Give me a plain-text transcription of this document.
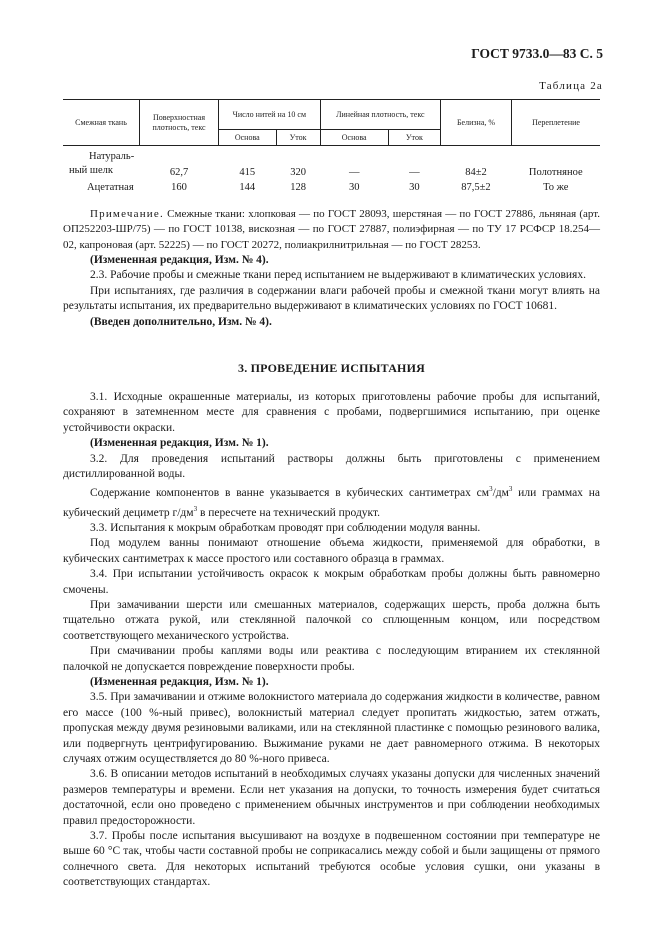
ГОСТ 9733.0—83 С. 5
Таблица 2а
Смежная ткань	Поверхностная плотность, текс	Число нитей на 10 см		Линейная плотность, текс		Белизна, %	Переплетение
		Основа	Уток	Основа	Уток		

Натураль-
ный шелк	62,7	415	320	—	—	84±2	Полотняное
Ацетатная	160	144	128	30	30	87,5±2	То же

Примечание. Смежные ткани: хлопковая — по ГОСТ 28093, шерстяная — по ГОСТ 27886, льняная (арт. ОП252203-ШР/75) — по ГОСТ 10138, вискозная — по ГОСТ 27887, полиэфирная — по ТУ 17 РСФСР 18.254—02, капроновая (арт. 52225) — по ГОСТ 20272, полиакрилнитрильная — по ГОСТ 28253.

(Измененная редакция, Изм. № 4).

2.3. Рабочие пробы и смежные ткани перед испытанием не выдерживают в климатических условиях.

При испытаниях, где различия в содержании влаги рабочей пробы и смежной ткани могут влиять на результаты испытания, их предварительно выдерживают в климатических условиях по ГОСТ 10681.

(Введен дополнительно, Изм. № 4).

3. ПРОВЕДЕНИЕ ИСПЫТАНИЯ

3.1. Исходные окрашенные материалы, из которых приготовлены рабочие пробы для испытаний, сохраняют в затемненном месте для сравнения с пробами, подвергшимися испытанию, при оценке устойчивости окраски.

(Измененная редакция, Изм. № 1).

3.2. Для проведения испытаний растворы должны быть приготовлены с применением дистиллированной воды.

Содержание компонентов в ванне указывается в кубических сантиметрах $см^3/дм^3$ или граммах на кубический дециметр $г/дм^3$ в пересчете на технический продукт.

3.3. Испытания к мокрым обработкам проводят при соблюдении модуля ванны.

Под модулем ванны понимают отношение объема жидкости, применяемой для обработки, в кубических сантиметрах к массе простого или составного образца в граммах.

3.4. При испытании устойчивость окрасок к мокрым обработкам пробы должны быть равномерно смочены.

При замачивании шерсти или смешанных материалов, содержащих шерсть, проба должна быть тщательно отжата рукой, или стеклянной палочкой со сплющенным концом, или посредством соответствующего механического устройства.

При смачивании пробы каплями воды или реактива с последующим втиранием их стеклянной палочкой не допускается повреждение поверхности пробы.

(Измененная редакция, Изм. № 1).

3.5. При замачивании и отжиме волокнистого материала до содержания жидкости в количестве, равном его массе (100 %-ный привес), волокнистый материал следует пропитать жидкостью, затем отжать, пропуская между двумя резиновыми валиками, или на стеклянной пластинке с помощью резинового валика, или подвергнуть центрифугированию. Выжимание руками не дает равномерного отжима. В некоторых случаях отжим осуществляется до 80 %-ного привеса.

3.6. В описании методов испытаний в необходимых случаях указаны допуски для численных значений размеров температуры и времени. Если нет указания на допуски, то точность измерения будет считаться достаточной, если оно проведено с применением обычных инструментов и при соблюдении необходимых правил предосторожности.

3.7. Пробы после испытания высушивают на воздухе в подвешенном состоянии при температуре не выше 60 °С так, чтобы части составной пробы не соприкасались между собой и были защищены от прямого солнечного света. Для некоторых испытаний требуются особые условия сушки, они указаны в соответствующих стандартах.
